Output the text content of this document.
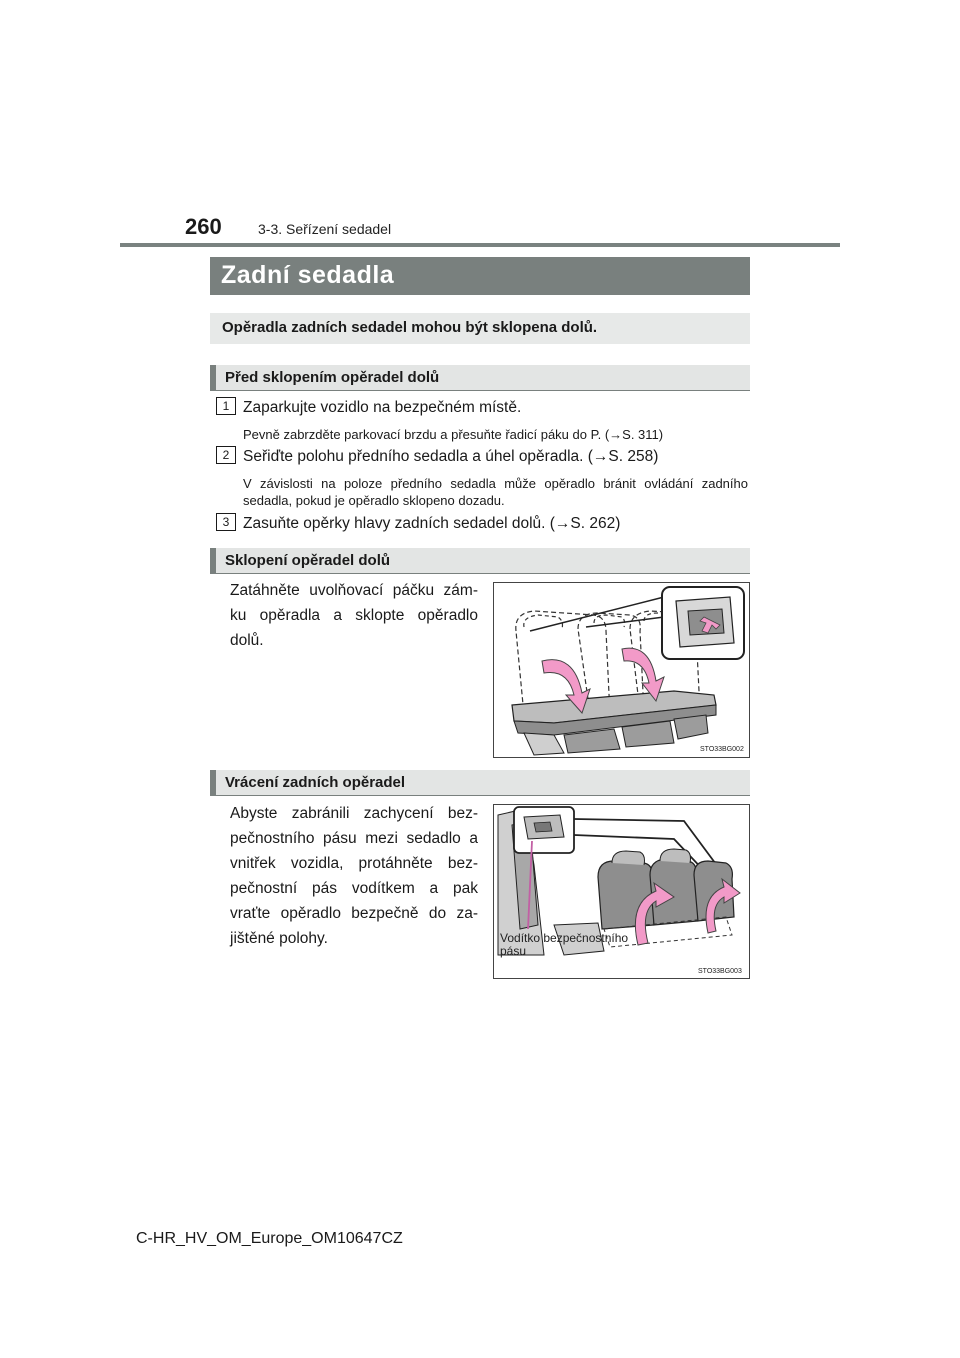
260	3-3. Seřízení sedadel
Zadní sedadla
Opěradla zadních sedadel mohou být sklopena dolů.
Před sklopením opěradel dolů
1 Zaparkujte vozidlo na bezpečném místě.
Pevně zabrzděte parkovací brzdu a přesuňte řadicí páku do P. (→S. 311)
2 Seřiďte polohu předního sedadla a úhel opěradla. (→S. 258)
V závislosti na poloze předního sedadla může opěradlo bránit ovládání zadního sedadla, pokud je opěradlo sklopeno dozadu.
3 Zasuňte opěrky hlavy zadních sedadel dolů. (→S. 262)
Sklopení opěradel dolů
Zatáhněte uvolňovací páčku zám-ku opěradla a sklopte opěradlo dolů.
STO33BG002
Vrácení zadních opěradel
Abyste zabránili zachycení bez-pečnostního pásu mezi sedadlo a vnitřek vozidla, protáhněte bez-pečnostní pás vodítkem a pak vraťte opěradlo bezpečně do za-jištěné polohy.	Vodítko bezpečnostního
pásu
STO33BG003
C-HR_HV_OM_Europe_OM10647CZ
